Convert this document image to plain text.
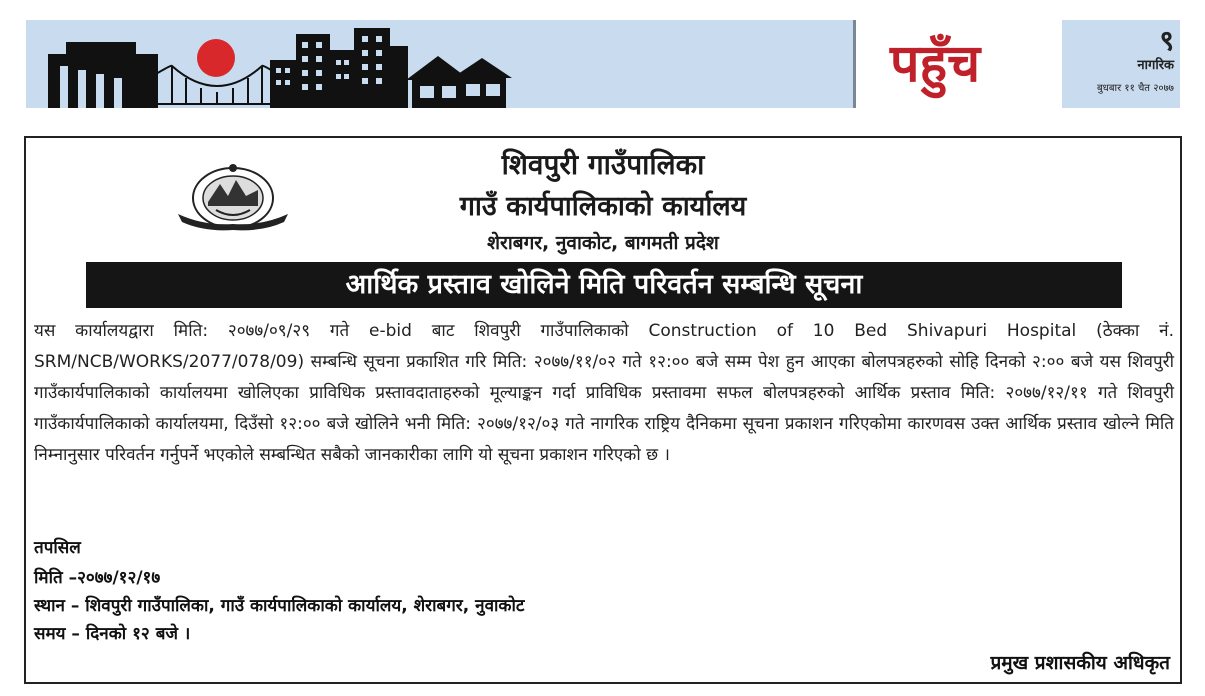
पहुँच	९
नागरिक
बुधबार ११ चैत २०७७
शिवपुरी गाउँपालिका
गाउँ कार्यपालिकाको कार्यालय
शेराबगर, नुवाकोट, बागमती प्रदेश
आर्थिक प्रस्ताव खोलिने मिति परिवर्तन सम्बन्धि सूचना
यस कार्यालयद्वारा मिति: २०७७/०९/२९ गते e-bid बाट शिवपुरी गाउँपालिकाको Construction of 10 Bed Shivapuri Hospital (ठेक्का नं. SRM/NCB/WORKS/2077/078/09) सम्बन्धि सूचना प्रकाशित गरि मिति: २०७७/११/०२ गते १२:०० बजे सम्म पेश हुन आएका बोलपत्रहरुको सोहि दिनको २:०० बजे यस शिवपुरी गाउँकार्यपालिकाको कार्यालयमा खोलिएका प्राविधिक प्रस्तावदाताहरुको मूल्याङ्कन गर्दा प्राविधिक प्रस्तावमा सफल बोलपत्रहरुको आर्थिक प्रस्ताव मिति: २०७७/१२/११ गते शिवपुरी गाउँकार्यपालिकाको कार्यालयमा, दिउँसो १२:०० बजे खोलिने भनी मिति: २०७७/१२/०३ गते नागरिक राष्ट्रिय दैनिकमा सूचना प्रकाशन गरिएकोमा कारणवस उक्त आर्थिक प्रस्ताव खोल्ने मिति निम्नानुसार परिवर्तन गर्नुपर्ने भएकोले सम्बन्धित सबैको जानकारीका लागि यो सूचना प्रकाशन गरिएको छ ।
तपसिल
मिति –२०७७/१२/१७
स्थान – शिवपुरी गाउँपालिका, गाउँ कार्यपालिकाको कार्यालय, शेराबगर, नुवाकोट
समय – दिनको १२ बजे ।
प्रमुख प्रशासकीय अधिकृत
